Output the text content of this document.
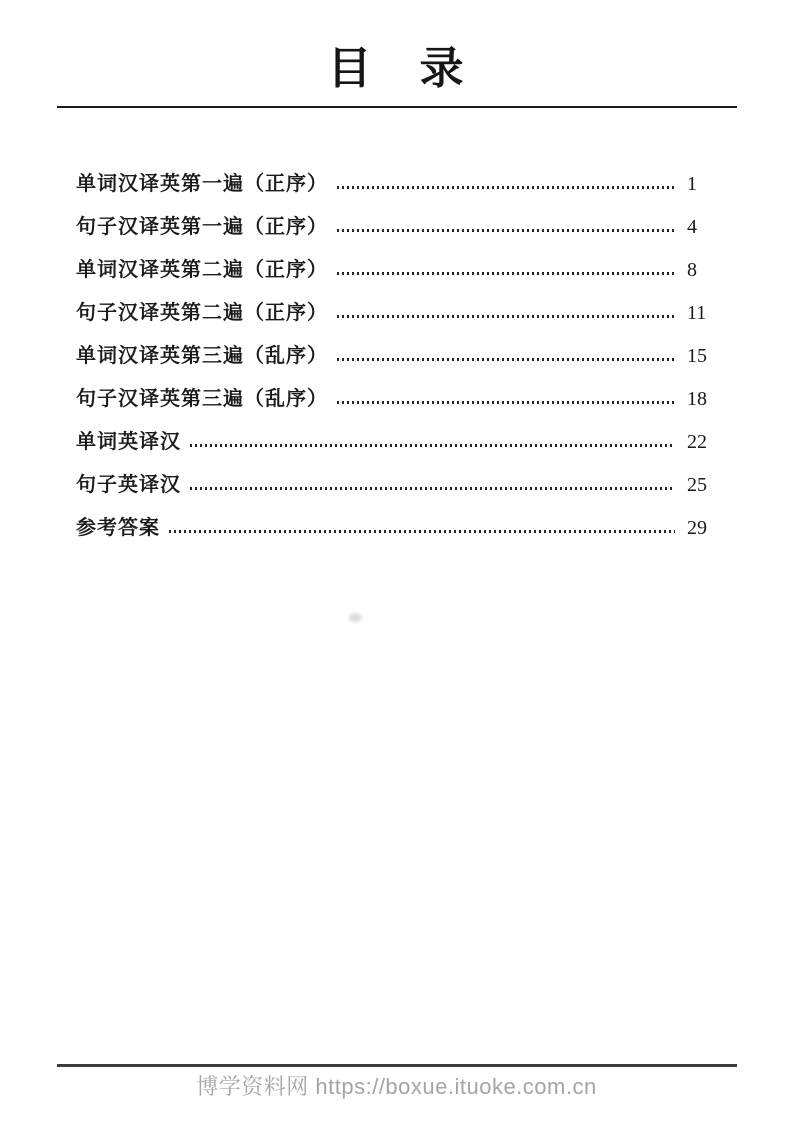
目　录
单词汉译英第一遍（正序）	1
句子汉译英第一遍（正序）	4
单词汉译英第二遍（正序）	8
句子汉译英第二遍（正序）	11
单词汉译英第三遍（乱序）	15
句子汉译英第三遍（乱序）	18
单词英译汉	22
句子英译汉	25
参考答案	29
博学资料网 https://boxue.ituoke.com.cn
